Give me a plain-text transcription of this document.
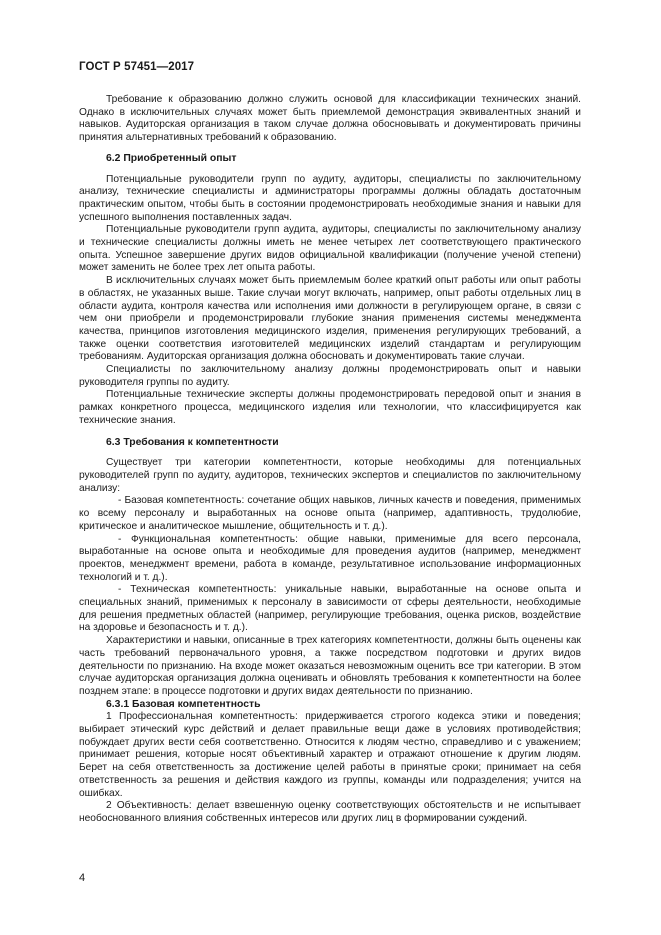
ГОСТ Р 57451—2017

Требование к образованию должно служить основой для классификации технических знаний. Однако в исключительных случаях может быть приемлемой демонстрация эквивалентных знаний и навыков. Аудиторская организация в таком случае должна обосновывать и документировать причины принятия альтернативных требований к образованию.

6.2 Приобретенный опыт

Потенциальные руководители групп по аудиту, аудиторы, специалисты по заключительному анализу, технические специалисты и администраторы программы должны обладать достаточным практическим опытом, чтобы быть в состоянии продемонстрировать необходимые знания и навыки для успешного выполнения поставленных задач.

Потенциальные руководители групп аудита, аудиторы, специалисты по заключительному анализу и технические специалисты должны иметь не менее четырех лет соответствующего практического опыта. Успешное завершение других видов официальной квалификации (получение ученой степени) может заменить не более трех лет опыта работы.

В исключительных случаях может быть приемлемым более краткий опыт работы или опыт работы в областях, не указанных выше. Такие случаи могут включать, например, опыт работы отдельных лиц в области аудита, контроля качества или исполнения ими должности в регулирующем органе, в связи с чем они приобрели и продемонстрировали глубокие знания применения системы менеджмента качества, принципов изготовления медицинского изделия, применения регулирующих требований, а также оценки соответствия изготовителей медицинских изделий стандартам и регулирующим требованиям. Аудиторская организация должна обосновать и документировать такие случаи.

Специалисты по заключительному анализу должны продемонстрировать опыт и навыки руководителя группы по аудиту.

Потенциальные технические эксперты должны продемонстрировать передовой опыт и знания в рамках конкретного процесса, медицинского изделия или технологии, что классифицируется как технические знания.

6.3 Требования к компетентности

Существует три категории компетентности, которые необходимы для потенциальных руководителей групп по аудиту, аудиторов, технических экспертов и специалистов по заключительному анализу:

- Базовая компетентность: сочетание общих навыков, личных качеств и поведения, применимых ко всему персоналу и выработанных на основе опыта (например, адаптивность, трудолюбие, критическое и аналитическое мышление, общительность и т. д.).

- Функциональная компетентность: общие навыки, применимые для всего персонала, выработанные на основе опыта и необходимые для проведения аудитов (например, менеджмент проектов, менеджмент времени, работа в команде, результативное использование информационных технологий и т. д.).

- Техническая компетентность: уникальные навыки, выработанные на основе опыта и специальных знаний, применимых к персоналу в зависимости от сферы деятельности, необходимые для решения предметных областей (например, регулирующие требования, оценка рисков, воздействие на здоровье и безопасность и т. д.).

Характеристики и навыки, описанные в трех категориях компетентности, должны быть оценены как часть требований первоначального уровня, а также посредством подготовки и других видов деятельности по признанию. На входе может оказаться невозможным оценить все три категории. В этом случае аудиторская организация должна оценивать и обновлять требования к компетентности на более позднем этапе: в процессе подготовки и других видах деятельности по признанию.

6.3.1 Базовая компетентность

1 Профессиональная компетентность: придерживается строгого кодекса этики и поведения; выбирает этический курс действий и делает правильные вещи даже в условиях противодействия; побуждает других вести себя соответственно. Относится к людям честно, справедливо и с уважением; принимает решения, которые носят объективный характер и отражают отношение к другим людям. Берет на себя ответственность за достижение целей работы в принятые сроки; принимает на себя ответственность за решения и действия каждого из группы, команды или подразделения; учится на ошибках.

2 Объективность: делает взвешенную оценку соответствующих обстоятельств и не испытывает необоснованного влияния собственных интересов или других лиц в формировании суждений.

4
